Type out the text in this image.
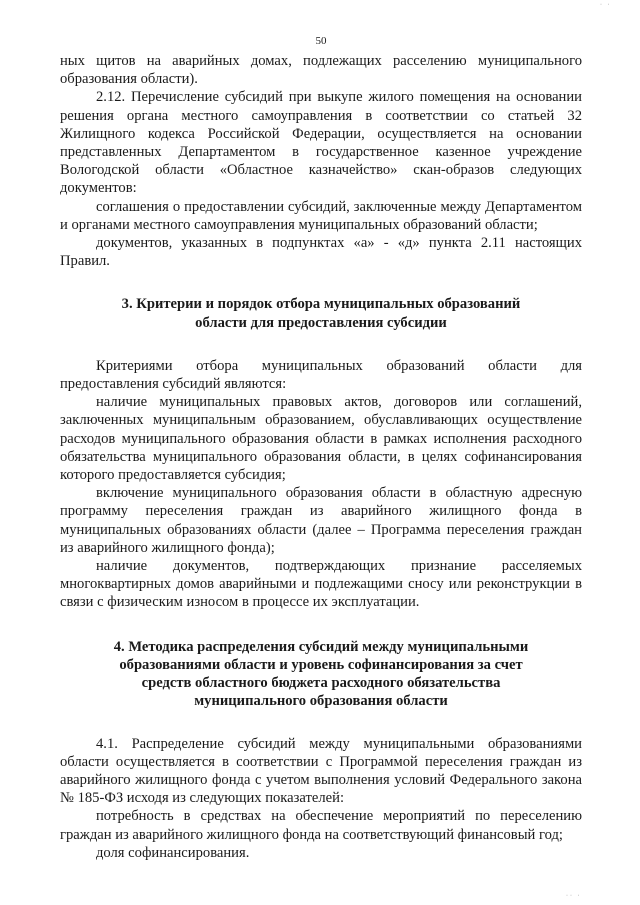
· ·
·· ·
50

ных щитов на аварийных домах, подлежащих расселению муниципального образования области).

2.12. Перечисление субсидий при выкупе жилого помещения на основании решения органа местного самоуправления в соответствии со статьей 32 Жилищного кодекса Российской Федерации, осуществляется на основании представленных Департаментом в государственное казенное учреждение Вологодской области «Областное казначейство» скан-образов следующих документов:

соглашения о предоставлении субсидий, заключенные между Департаментом и органами местного самоуправления муниципальных образований области;

документов, указанных в подпунктах «а» - «д» пункта 2.11 настоящих Правил.

3. Критерии и порядок отбора муниципальных образований
области для предоставления субсидии

Критериями отбора муниципальных образований области для предоставления субсидий являются:

наличие муниципальных правовых актов, договоров или соглашений, заключенных муниципальным образованием, обуславливающих осуществление расходов муниципального образования области в рамках исполнения расходного обязательства муниципального образования области, в целях софинансирования которого предоставляется субсидия;

включение муниципального образования области в областную адресную программу переселения граждан из аварийного жилищного фонда в муниципальных образованиях области (далее – Программа переселения граждан из аварийного жилищного фонда);

наличие документов, подтверждающих признание расселяемых многоквартирных домов аварийными и подлежащими сносу или реконструкции в связи с физическим износом в процессе их эксплуатации.

4. Методика распределения субсидий между муниципальными
образованиями области и уровень софинансирования за счет
средств областного бюджета расходного обязательства
муниципального образования области

4.1. Распределение субсидий между муниципальными образованиями области осуществляется в соответствии с Программой переселения граждан из аварийного жилищного фонда с учетом выполнения условий Федерального закона № 185-ФЗ исходя из следующих показателей:

потребность в средствах на обеспечение мероприятий по переселению граждан из аварийного жилищного фонда на соответствующий финансовый год;

доля софинансирования.
